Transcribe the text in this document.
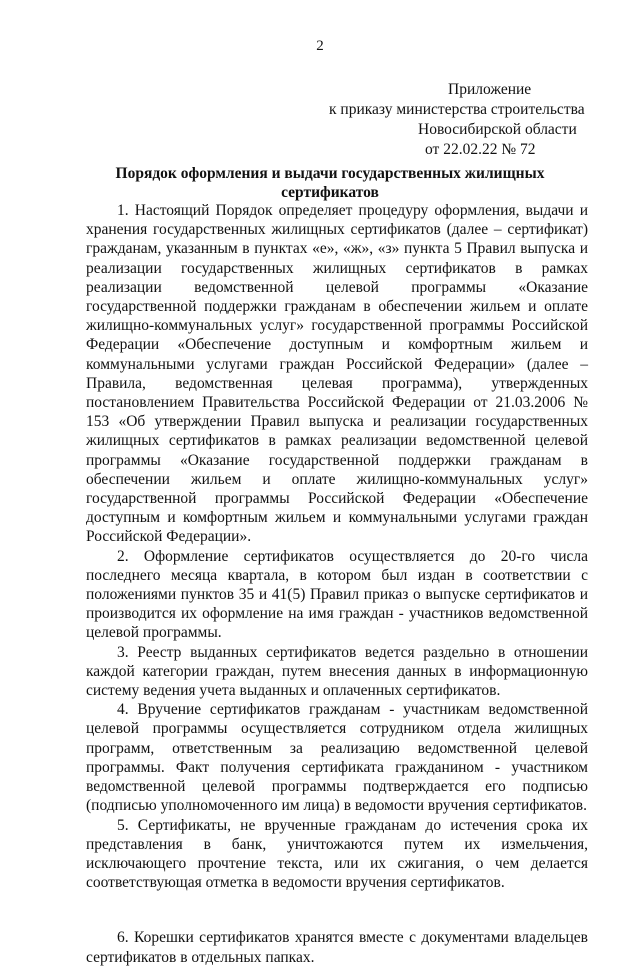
2
Приложение
к приказу министерства строительства
Новосибирской области
от 22.02.22 № 72
Порядок оформления и выдачи государственных жилищных сертификатов

1. Настоящий Порядок определяет процедуру оформления, выдачи и хранения государственных жилищных сертификатов (далее – сертификат) гражданам, указанным в пунктах «е», «ж», «з» пункта 5 Правил выпуска и реализации государственных жилищных сертификатов в рамках реализации ведомственной целевой программы «Оказание государственной поддержки гражданам в обеспечении жильем и оплате жилищно-коммунальных услуг» государственной программы Российской Федерации «Обеспечение доступным и комфортным жильем и коммунальными услугами граждан Российской Федерации» (далее – Правила, ведомственная целевая программа), утвержденных постановлением Правительства Российской Федерации от 21.03.2006 № 153 «Об утверждении Правил выпуска и реализации государственных жилищных сертификатов в рамках реализации ведомственной целевой программы «Оказание государственной поддержки гражданам в обеспечении жильем и оплате жилищно-коммунальных услуг» государственной программы Российской Федерации «Обеспечение доступным и комфортным жильем и коммунальными услугами граждан Российской Федерации».

2. Оформление сертификатов осуществляется до 20-го числа последнего месяца квартала, в котором был издан в соответствии с положениями пунктов 35 и 41(5) Правил приказ о выпуске сертификатов и производится их оформление на имя граждан - участников ведомственной целевой программы.

3. Реестр выданных сертификатов ведется раздельно в отношении каждой категории граждан, путем внесения данных в информационную систему ведения учета выданных и оплаченных сертификатов.

4. Вручение сертификатов гражданам - участникам ведомственной целевой программы осуществляется сотрудником отдела жилищных программ, ответственным за реализацию ведомственной целевой программы. Факт получения сертификата гражданином - участником ведомственной целевой программы подтверждается его подписью (подписью уполномоченного им лица) в ведомости вручения сертификатов.

5. Сертификаты, не врученные гражданам до истечения срока их представления в банк, уничтожаются путем их измельчения, исключающего прочтение текста, или их сжигания, о чем делается соответствующая отметка в ведомости вручения сертификатов.

6. Корешки сертификатов хранятся вместе с документами владельцев сертификатов в отдельных папках.
